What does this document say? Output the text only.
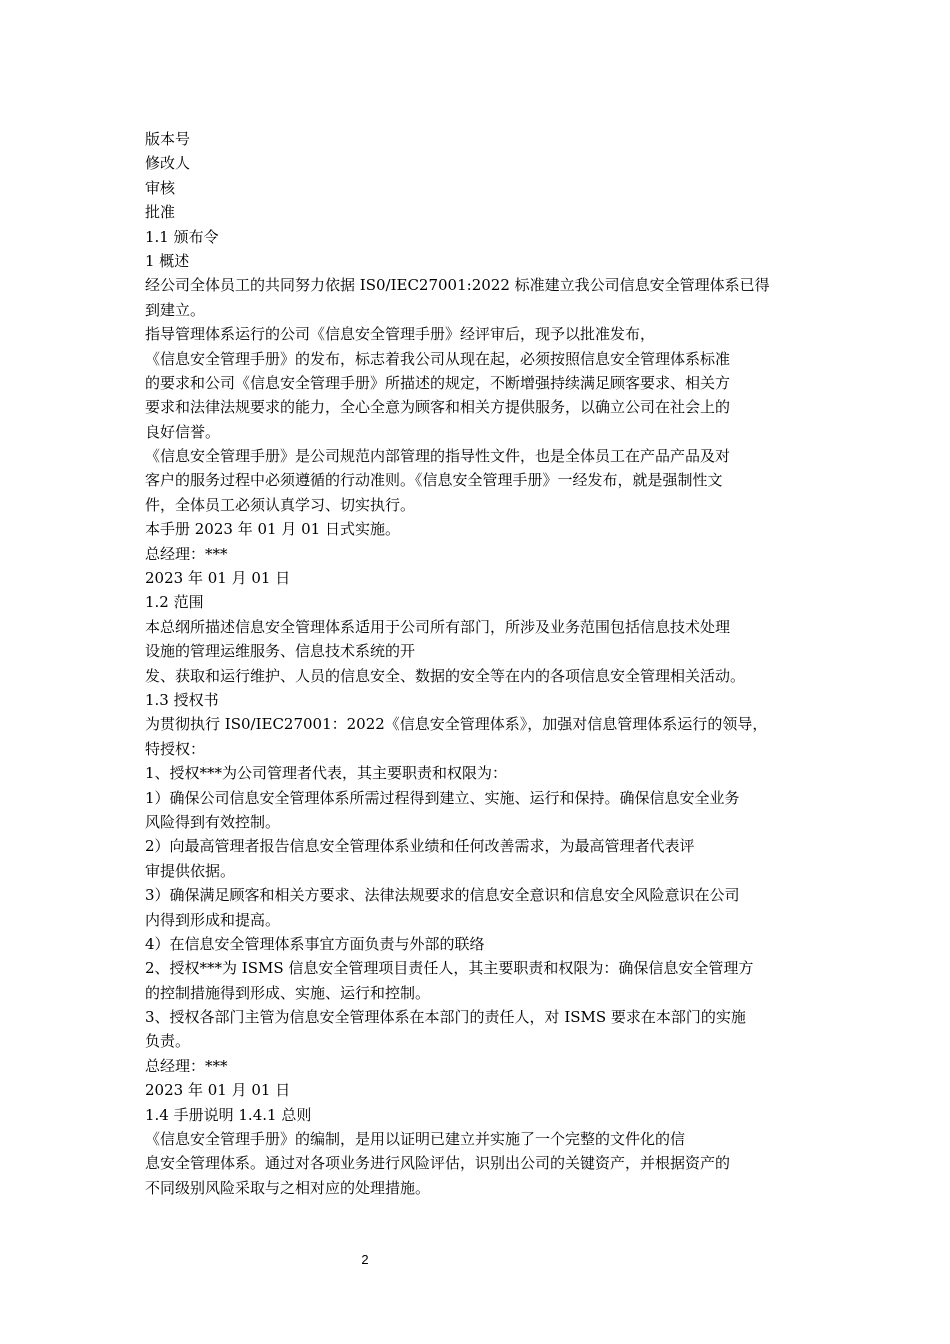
版本号
修改人
审核
批准
1.1 颁布令
1 概述
经公司全体员工的共同努力依据 IS0/IEC27001:2022 标准建立我公司信息安全管理体系已得
到建立。
指导管理体系运行的公司《信息安全管理手册》经评审后，现予以批准发布，
《信息安全管理手册》的发布，标志着我公司从现在起，必须按照信息安全管理体系标准
的要求和公司《信息安全管理手册》所描述的规定，不断增强持续满足顾客要求、相关方
要求和法律法规要求的能力，全心全意为顾客和相关方提供服务，以确立公司在社会上的
良好信誉。
《信息安全管理手册》是公司规范内部管理的指导性文件，也是全体员工在产品产品及对
客户的服务过程中必须遵循的行动准则。《信息安全管理手册》一经发布，就是强制性文
件，全体员工必须认真学习、切实执行。
本手册 2023 年 01 月 01 日式实施。
总经理：***
2023 年 01 月 01 日
1.2 范围
本总纲所描述信息安全管理体系适用于公司所有部门，所涉及业务范围包括信息技术处理
设施的管理运维服务、信息技术系统的开
发、获取和运行维护、人员的信息安全、数据的安全等在内的各项信息安全管理相关活动。
1.3 授权书
为贯彻执行 IS0/IEC27001：2022《信息安全管理体系》，加强对信息管理体系运行的领导，
特授权：
1、授权***为公司管理者代表，其主要职责和权限为：
1）确保公司信息安全管理体系所需过程得到建立、实施、运行和保持。确保信息安全业务
风险得到有效控制。
2）向最高管理者报告信息安全管理体系业绩和任何改善需求，为最高管理者代表评
审提供依据。
3）确保满足顾客和相关方要求、法律法规要求的信息安全意识和信息安全风险意识在公司
内得到形成和提高。
4）在信息安全管理体系事宜方面负责与外部的联络
2、授权***为 ISMS 信息安全管理项目责任人，其主要职责和权限为：确保信息安全管理方
的控制措施得到形成、实施、运行和控制。
3、授权各部门主管为信息安全管理体系在本部门的责任人，对 ISMS 要求在本部门的实施
负责。
总经理：***
2023 年 01 月 01 日
1.4 手册说明 1.4.1 总则
《信息安全管理手册》的编制，是用以证明已建立并实施了一个完整的文件化的信
息安全管理体系。通过对各项业务进行风险评估，识别出公司的关键资产，并根据资产的
不同级别风险采取与之相对应的处理措施。
2
